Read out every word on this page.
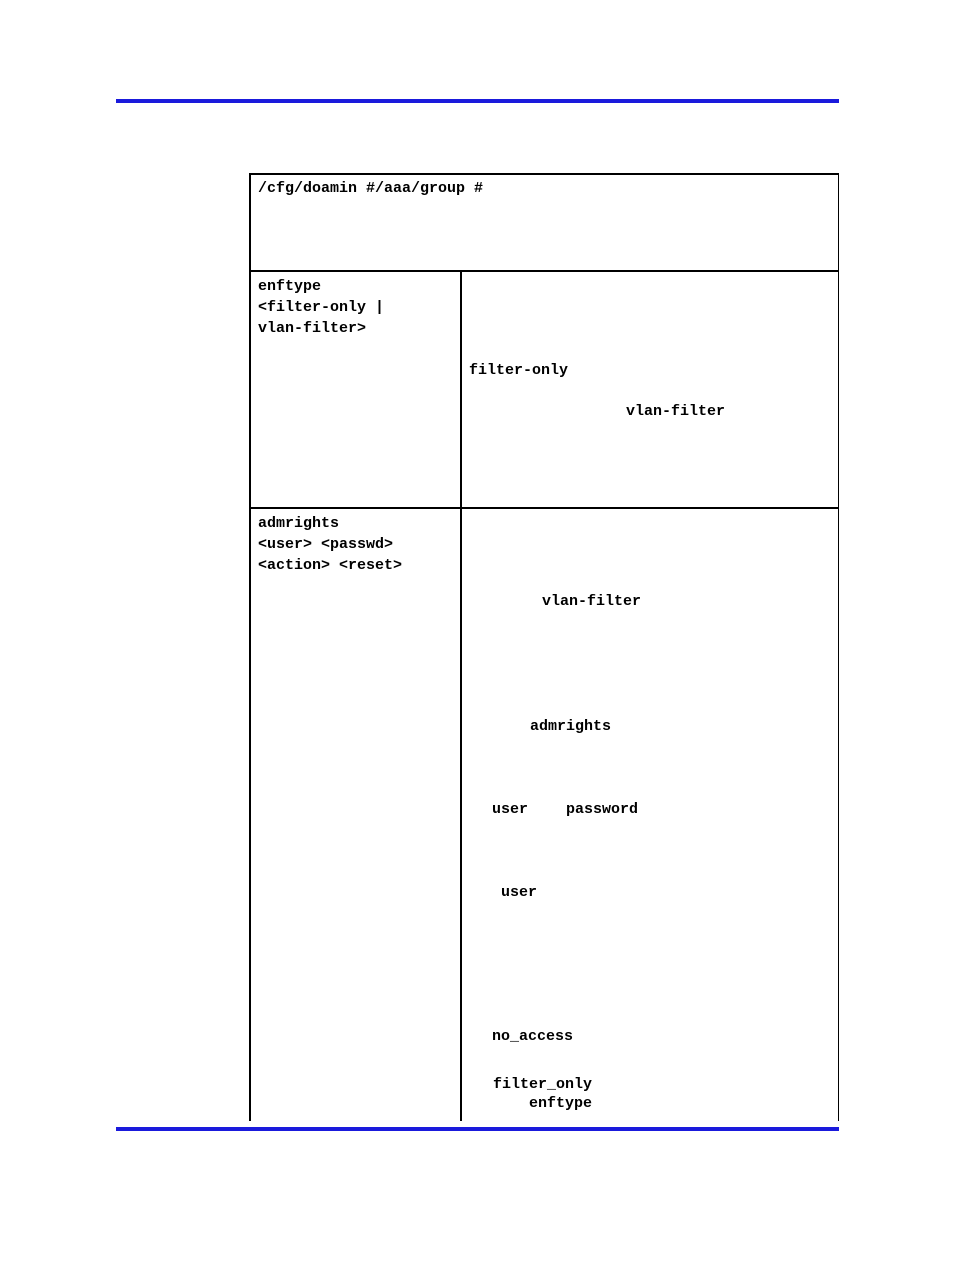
/cfg/doamin #/aaa/group #

enftype

<filter-only |

vlan-filter>

filter-only

vlan-filter

admrights

<user> <passwd>

<action> <reset>

vlan-filter

admrights

user	password

user

no_access

filter_only

enftype
